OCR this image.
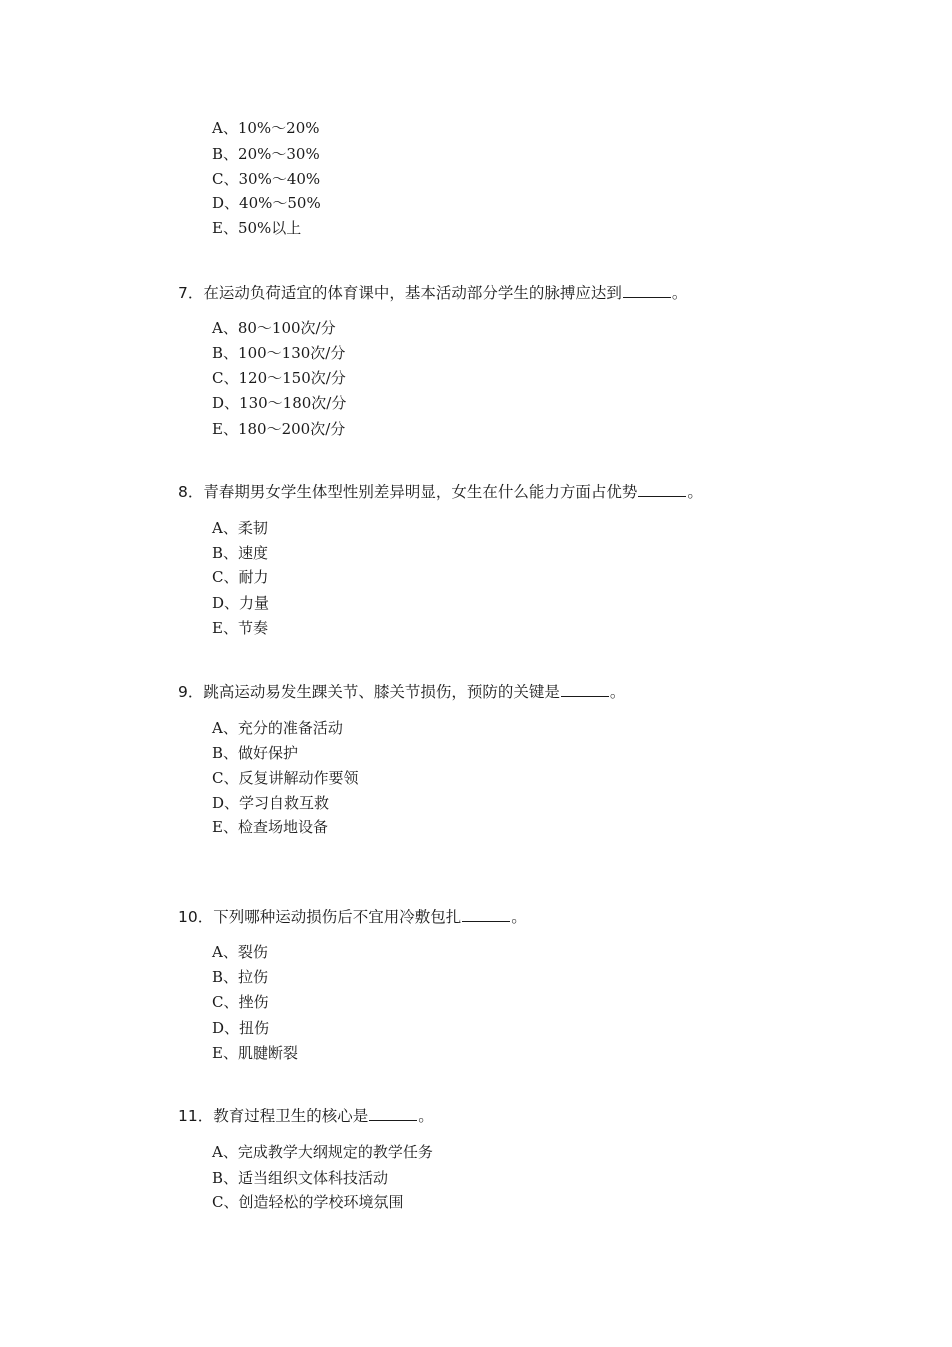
A、10%～20%
B、20%～30%
C、30%～40%
D、40%～50%
E、50%以上
7．在运动负荷适宜的体育课中，基本活动部分学生的脉搏应达到	。
A、80～100次/分
B、100～130次/分
C、120～150次/分
D、130～180次/分
E、180～200次/分
8．青春期男女学生体型性别差异明显，女生在什么能力方面占优势	。
A、柔韧
B、速度
C、耐力
D、力量
E、节奏
9．跳高运动易发生踝关节、膝关节损伤，预防的关键是	。
A、充分的准备活动
B、做好保护
C、反复讲解动作要领
D、学习自救互救
E、检查场地设备
10．下列哪种运动损伤后不宜用冷敷包扎	。
A、裂伤
B、拉伤
C、挫伤
D、扭伤
E、肌腱断裂
11．教育过程卫生的核心是	。
A、完成教学大纲规定的教学任务
B、适当组织文体科技活动
C、创造轻松的学校环境氛围
